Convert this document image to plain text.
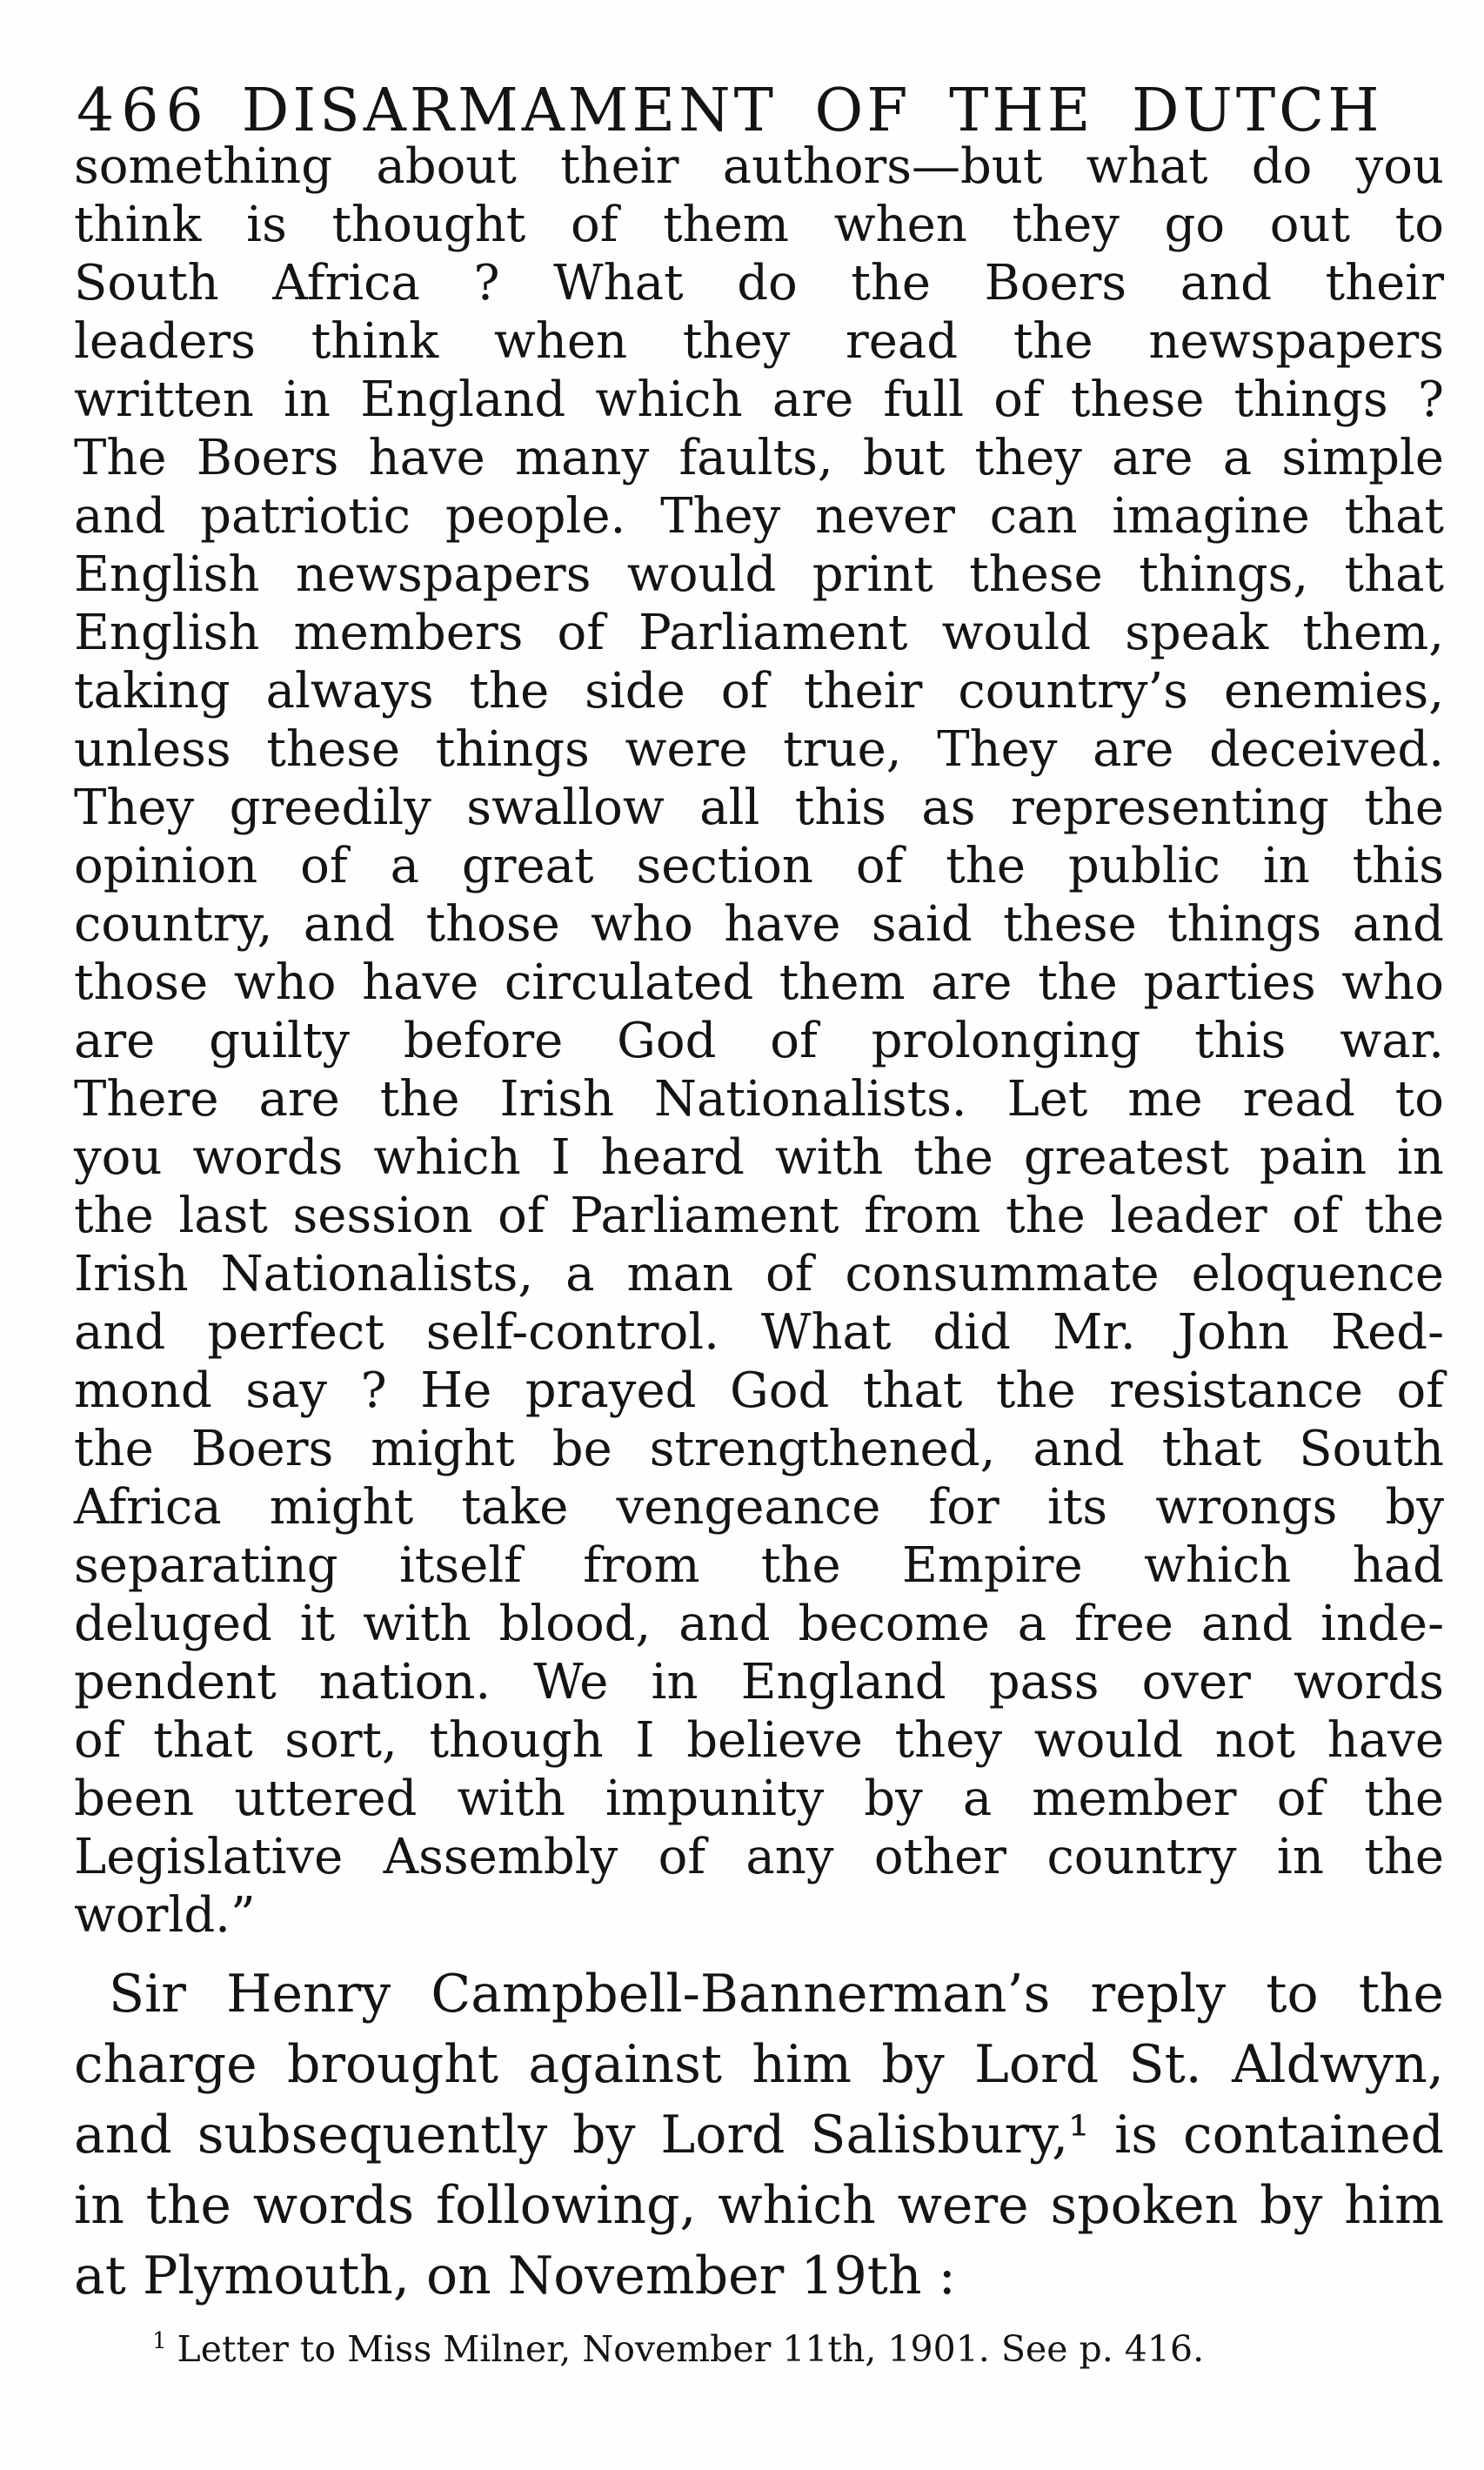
466 DISARMAMENT OF THE DUTCH
something about their authors—but what do you
think is thought of them when they go out to
South Africa ? What do the Boers and their
leaders think when they read the newspapers
written in England which are full of these things ?
The Boers have many faults, but they are a simple
and patriotic people. They never can imagine that
English newspapers would print these things, that
English members of Parliament would speak them,
taking always the side of their country’s enemies,
unless these things were true, They are deceived.
They greedily swallow all this as representing the
opinion of a great section of the public in this
country, and those who have said these things and
those who have circulated them are the parties who
are guilty before God of prolonging this war.
There are the Irish Nationalists. Let me read to
you words which I heard with the greatest pain in
the last session of Parliament from the leader of the
Irish Nationalists, a man of consummate eloquence
and perfect self-control. What did Mr. John Red-
mond say ? He prayed God that the resistance of
the Boers might be strengthened, and that South
Africa might take vengeance for its wrongs by
separating itself from the Empire which had
deluged it with blood, and become a free and inde-
pendent nation. We in England pass over words
of that sort, though I believe they would not have
been uttered with impunity by a member of the
Legislative Assembly of any other country in the
world.”
Sir Henry Campbell-Bannerman’s reply to the
charge brought against him by Lord St. Aldwyn,
and subsequently by Lord Salisbury,¹ is contained
in the words following, which were spoken by him
at Plymouth, on November 19th :
$^1$ Letter to Miss Milner, November 11th, 1901. See p. 416.
